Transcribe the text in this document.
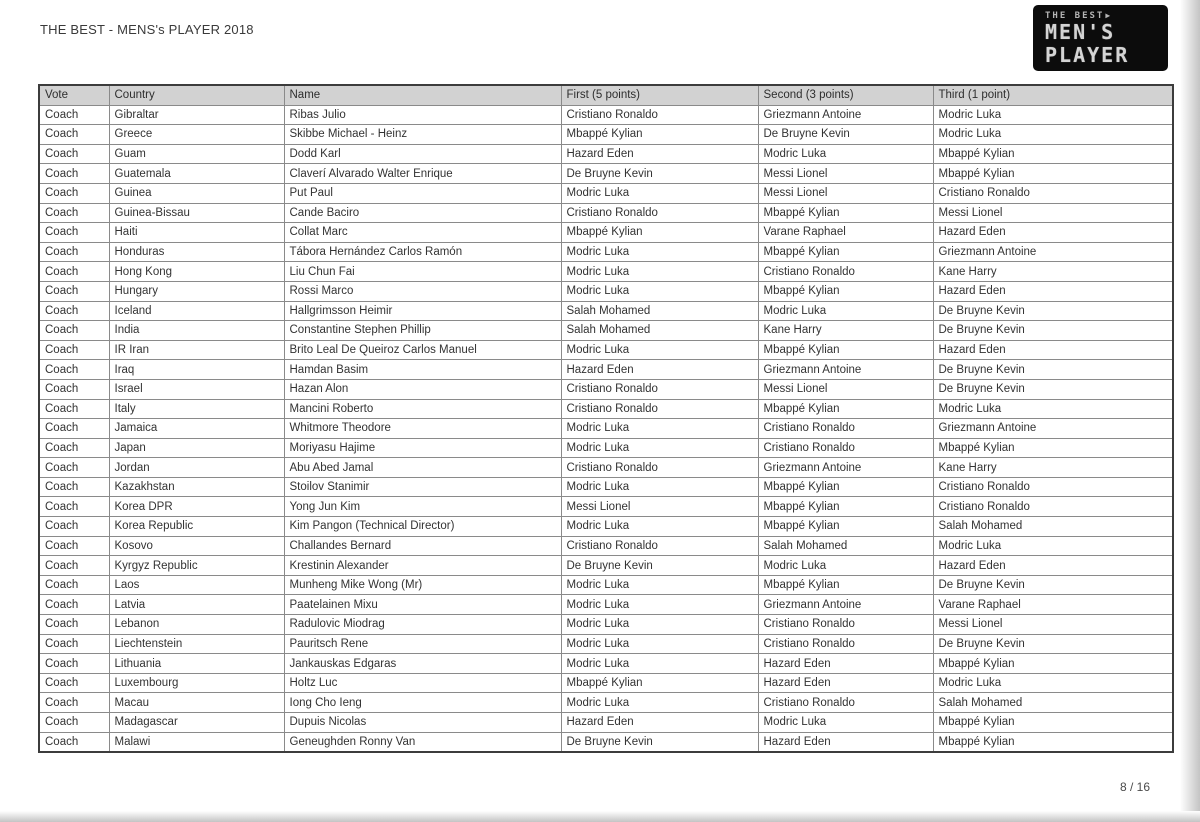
THE BEST - MENS's PLAYER 2018
THE BEST▶
MEN'S
PLAYER
Vote	Country	Name	First (5 points)	Second (3 points)	Third (1 point)
Coach	Gibraltar	Ribas Julio	Cristiano Ronaldo	Griezmann Antoine	Modric Luka
Coach	Greece	Skibbe Michael - Heinz	Mbappé Kylian	De Bruyne Kevin	Modric Luka
Coach	Guam	Dodd Karl	Hazard Eden	Modric Luka	Mbappé Kylian
Coach	Guatemala	Claverí Alvarado Walter Enrique	De Bruyne Kevin	Messi Lionel	Mbappé Kylian
Coach	Guinea	Put Paul	Modric Luka	Messi Lionel	Cristiano Ronaldo
Coach	Guinea-Bissau	Cande Baciro	Cristiano Ronaldo	Mbappé Kylian	Messi Lionel
Coach	Haiti	Collat Marc	Mbappé Kylian	Varane Raphael	Hazard Eden
Coach	Honduras	Tábora Hernández Carlos Ramón	Modric Luka	Mbappé Kylian	Griezmann Antoine
Coach	Hong Kong	Liu Chun Fai	Modric Luka	Cristiano Ronaldo	Kane Harry
Coach	Hungary	Rossi Marco	Modric Luka	Mbappé Kylian	Hazard Eden
Coach	Iceland	Hallgrimsson Heimir	Salah Mohamed	Modric Luka	De Bruyne Kevin
Coach	India	Constantine Stephen Phillip	Salah Mohamed	Kane Harry	De Bruyne Kevin
Coach	IR Iran	Brito Leal De Queiroz Carlos Manuel	Modric Luka	Mbappé Kylian	Hazard Eden
Coach	Iraq	Hamdan Basim	Hazard Eden	Griezmann Antoine	De Bruyne Kevin
Coach	Israel	Hazan Alon	Cristiano Ronaldo	Messi Lionel	De Bruyne Kevin
Coach	Italy	Mancini Roberto	Cristiano Ronaldo	Mbappé Kylian	Modric Luka
Coach	Jamaica	Whitmore Theodore	Modric Luka	Cristiano Ronaldo	Griezmann Antoine
Coach	Japan	Moriyasu Hajime	Modric Luka	Cristiano Ronaldo	Mbappé Kylian
Coach	Jordan	Abu Abed Jamal	Cristiano Ronaldo	Griezmann Antoine	Kane Harry
Coach	Kazakhstan	Stoilov Stanimir	Modric Luka	Mbappé Kylian	Cristiano Ronaldo
Coach	Korea DPR	Yong Jun Kim	Messi Lionel	Mbappé Kylian	Cristiano Ronaldo
Coach	Korea Republic	Kim Pangon (Technical Director)	Modric Luka	Mbappé Kylian	Salah Mohamed
Coach	Kosovo	Challandes Bernard	Cristiano Ronaldo	Salah Mohamed	Modric Luka
Coach	Kyrgyz Republic	Krestinin Alexander	De Bruyne Kevin	Modric Luka	Hazard Eden
Coach	Laos	Munheng Mike Wong (Mr)	Modric Luka	Mbappé Kylian	De Bruyne Kevin
Coach	Latvia	Paatelainen Mixu	Modric Luka	Griezmann Antoine	Varane Raphael
Coach	Lebanon	Radulovic Miodrag	Modric Luka	Cristiano Ronaldo	Messi Lionel
Coach	Liechtenstein	Pauritsch Rene	Modric Luka	Cristiano Ronaldo	De Bruyne Kevin
Coach	Lithuania	Jankauskas Edgaras	Modric Luka	Hazard Eden	Mbappé Kylian
Coach	Luxembourg	Holtz Luc	Mbappé Kylian	Hazard Eden	Modric Luka
Coach	Macau	Iong Cho Ieng	Modric Luka	Cristiano Ronaldo	Salah Mohamed
Coach	Madagascar	Dupuis Nicolas	Hazard Eden	Modric Luka	Mbappé Kylian
Coach	Malawi	Geneughden Ronny Van	De Bruyne Kevin	Hazard Eden	Mbappé Kylian
8 / 16
